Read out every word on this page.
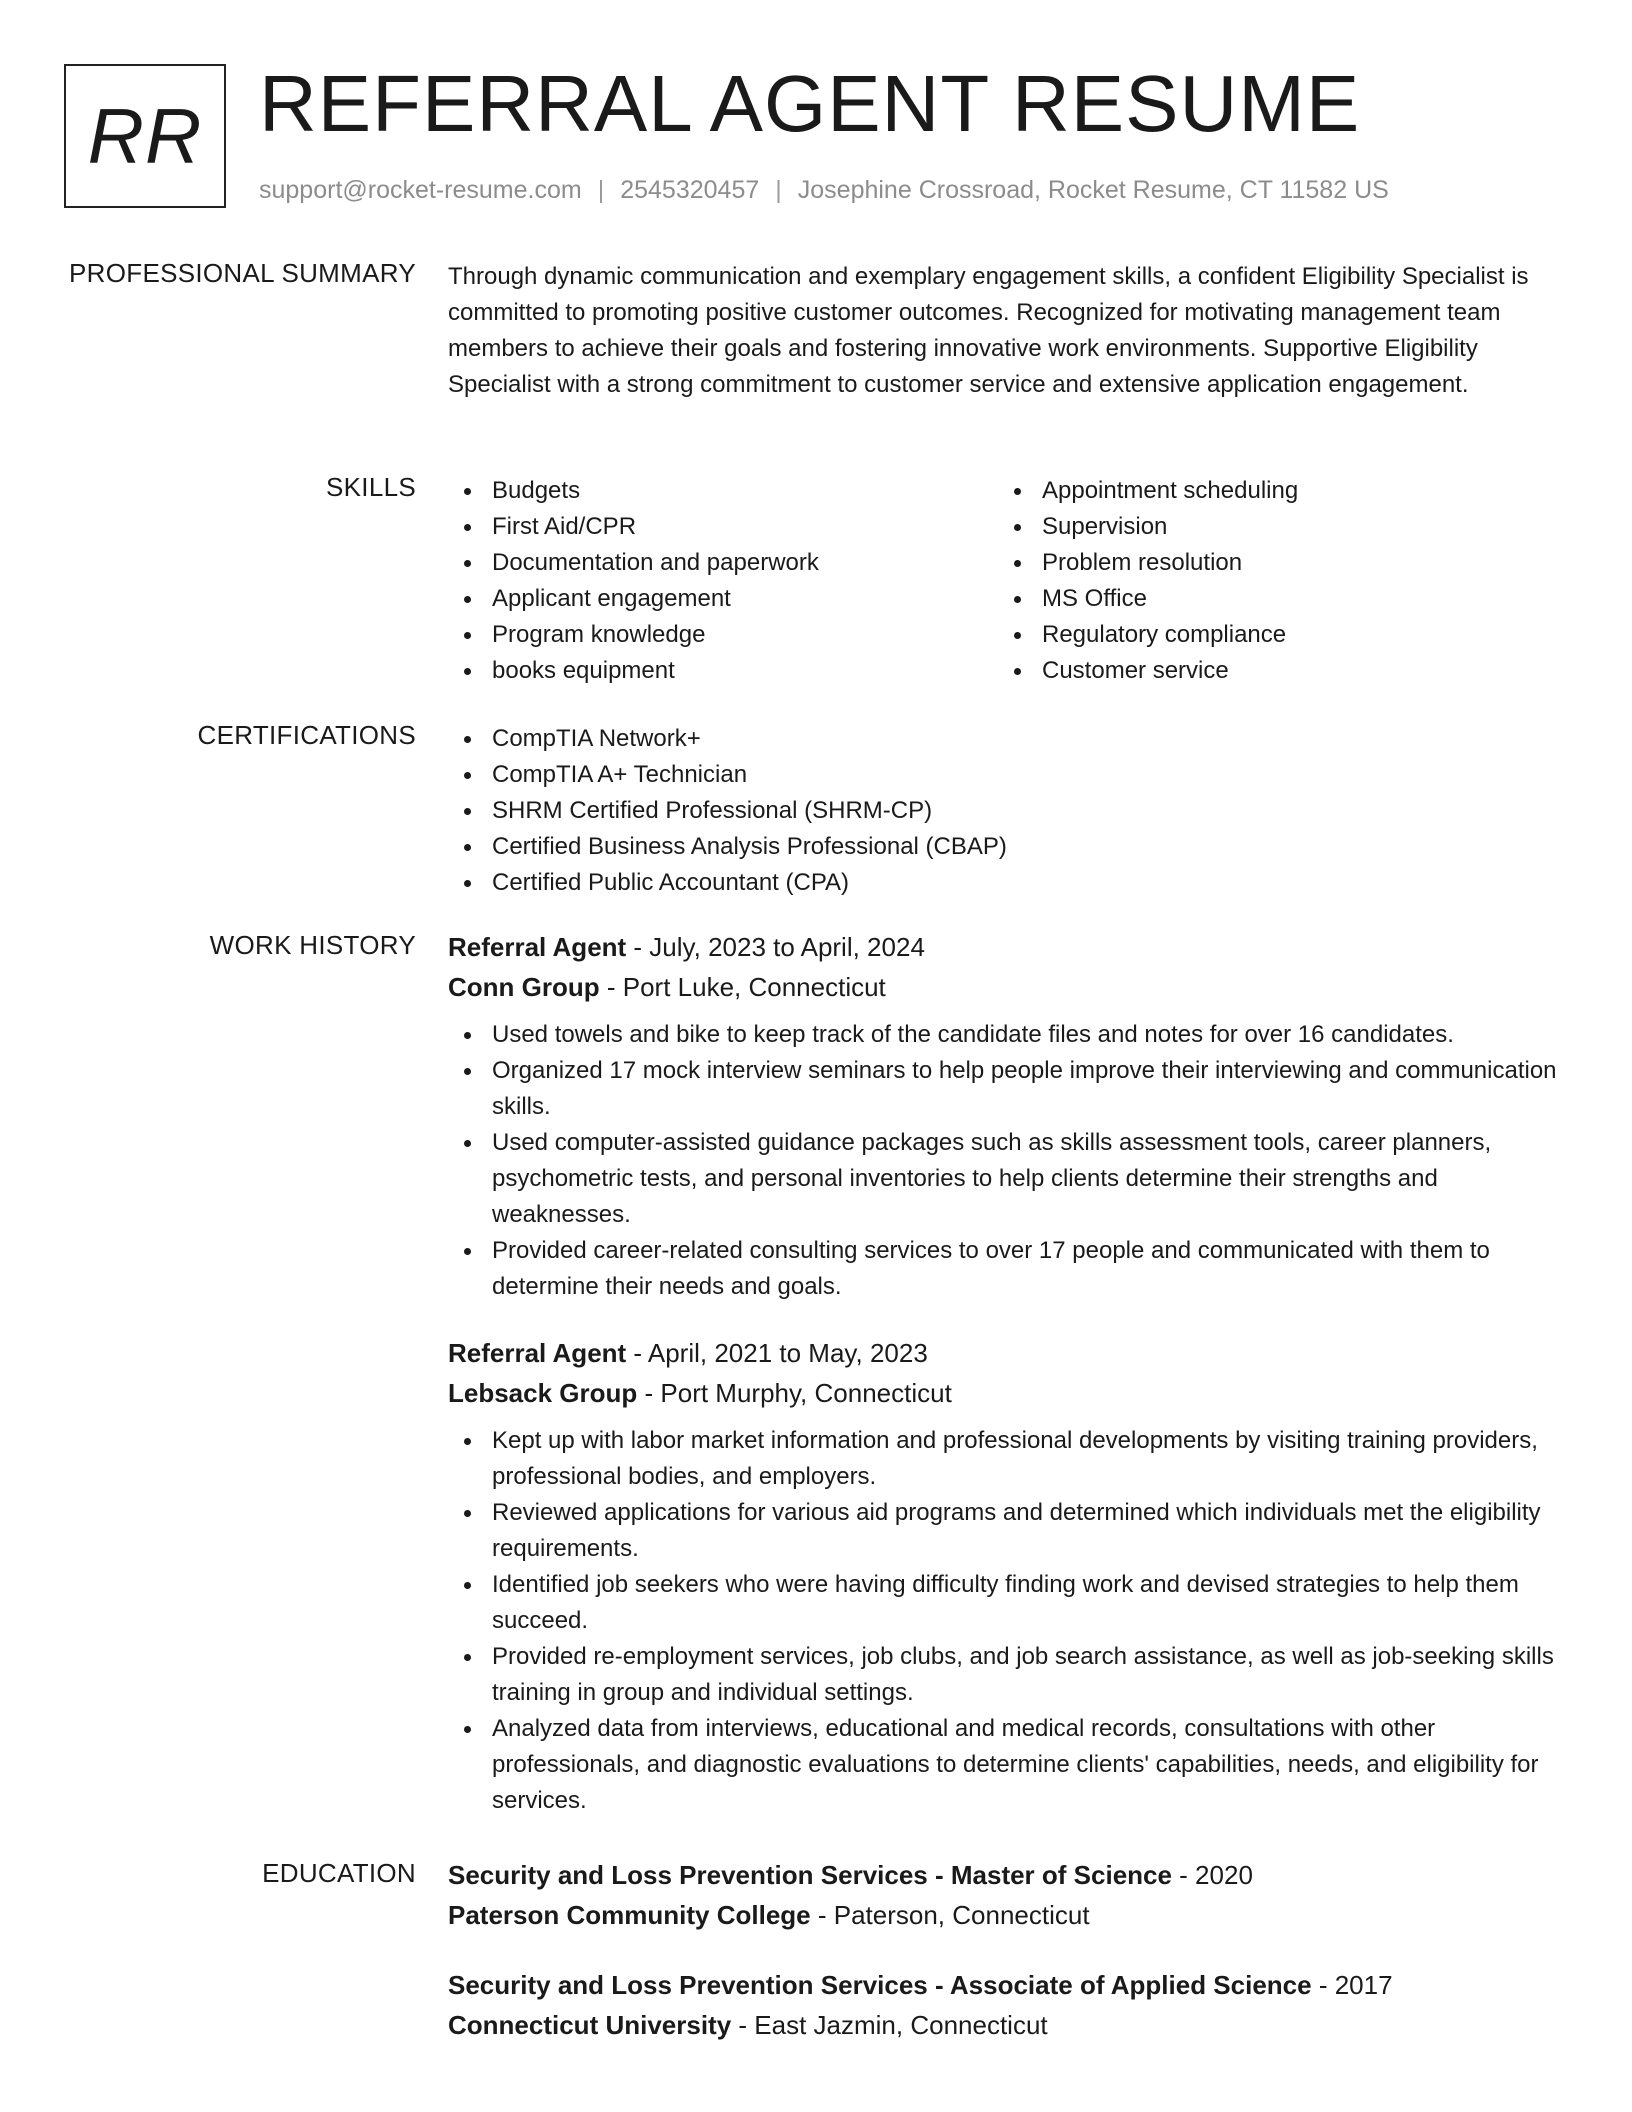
RR REFERRAL AGENT RESUME
support@rocket-resume.com | 2545320457 | Josephine Crossroad, Rocket Resume, CT 11582 US
PROFESSIONAL SUMMARY Through dynamic communication and exemplary engagement skills, a confident Eligibility Specialist is committed to promoting positive customer outcomes. Recognized for motivating management team members to achieve their goals and fostering innovative work environments. Supportive Eligibility Specialist with a strong commitment to customer service and extensive application engagement.
SKILLS	Budgets
First Aid/CPR
Documentation and paperwork
Applicant engagement
Program knowledge
books equipment
Appointment scheduling
Supervision
Problem resolution
MS Office
Regulatory compliance
Customer service
CERTIFICATIONS	CompTIA Network+
CompTIA A+ Technician
SHRM Certified Professional (SHRM-CP)
Certified Business Analysis Professional (CBAP)
Certified Public Accountant (CPA)
WORK HISTORY Referral Agent - July, 2023 to April, 2024
Conn Group - Port Luke, Connecticut
Used towels and bike to keep track of the candidate files and notes for over 16 candidates.
Organized 17 mock interview seminars to help people improve their interviewing and communication skills.
Used computer-assisted guidance packages such as skills assessment tools, career planners, psychometric tests, and personal inventories to help clients determine their strengths and weaknesses.
Provided career-related consulting services to over 17 people and communicated with them to determine their needs and goals.
Referral Agent - April, 2021 to May, 2023
Lebsack Group - Port Murphy, Connecticut
Kept up with labor market information and professional developments by visiting training providers, professional bodies, and employers.
Reviewed applications for various aid programs and determined which individuals met the eligibility requirements.
Identified job seekers who were having difficulty finding work and devised strategies to help them succeed.
Provided re-employment services, job clubs, and job search assistance, as well as job-seeking skills training in group and individual settings.
Analyzed data from interviews, educational and medical records, consultations with other professionals, and diagnostic evaluations to determine clients' capabilities, needs, and eligibility for services.
EDUCATION Security and Loss Prevention Services - Master of Science - 2020
Paterson Community College - Paterson, Connecticut
Security and Loss Prevention Services - Associate of Applied Science - 2017
Connecticut University - East Jazmin, Connecticut
